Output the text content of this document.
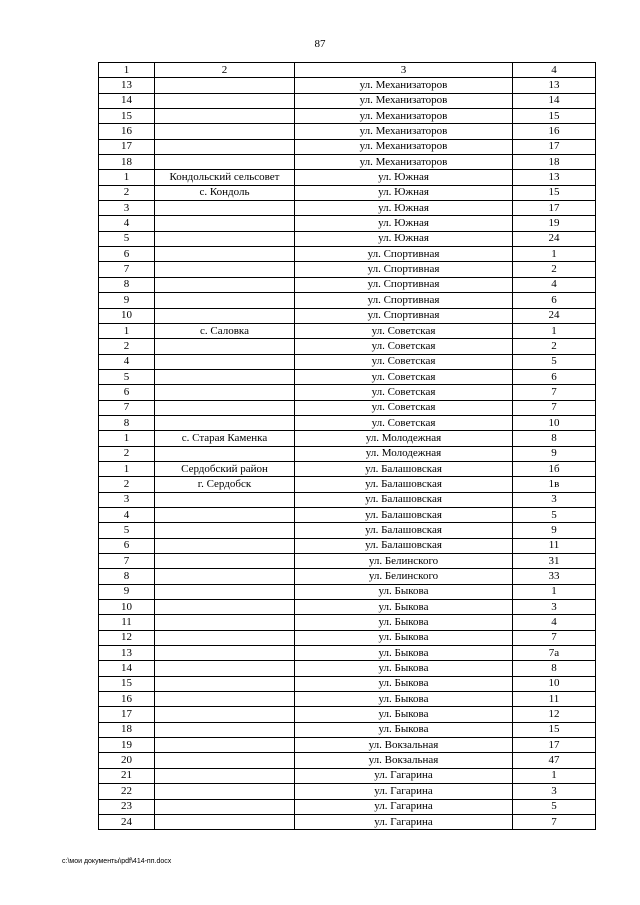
87
1	2	3	4
13		ул. Механизаторов	13
14		ул. Механизаторов	14
15		ул. Механизаторов	15
16		ул. Механизаторов	16
17		ул. Механизаторов	17
18		ул. Механизаторов	18
1	Кондольский сельсовет	ул. Южная	13
2	с. Кондоль	ул. Южная	15
3		ул. Южная	17
4		ул. Южная	19
5		ул. Южная	24
6		ул. Спортивная	1
7		ул. Спортивная	2
8		ул. Спортивная	4
9		ул. Спортивная	6
10		ул. Спортивная	24
1	с. Саловка	ул. Советская	1
2		ул. Советская	2
4		ул. Советская	5
5		ул. Советская	6
6		ул. Советская	7
7		ул. Советская	7
8		ул. Советская	10
1	с. Старая Каменка	ул. Молодежная	8
2		ул. Молодежная	9
1	Сердобский район	ул. Балашовская	1б
2	г. Сердобск	ул. Балашовская	1в
3		ул. Балашовская	3
4		ул. Балашовская	5
5		ул. Балашовская	9
6		ул. Балашовская	11
7		ул. Белинского	31
8		ул. Белинского	33
9		ул. Быкова	1
10		ул. Быкова	3
11		ул. Быкова	4
12		ул. Быкова	7
13		ул. Быкова	7а
14		ул. Быкова	8
15		ул. Быкова	10
16		ул. Быкова	11
17		ул. Быкова	12
18		ул. Быкова	15
19		ул. Вокзальная	17
20		ул. Вокзальная	47
21		ул. Гагарина	1
22		ул. Гагарина	3
23		ул. Гагарина	5
24		ул. Гагарина	7
c:\мои документы\pdf\414-пп.docx
